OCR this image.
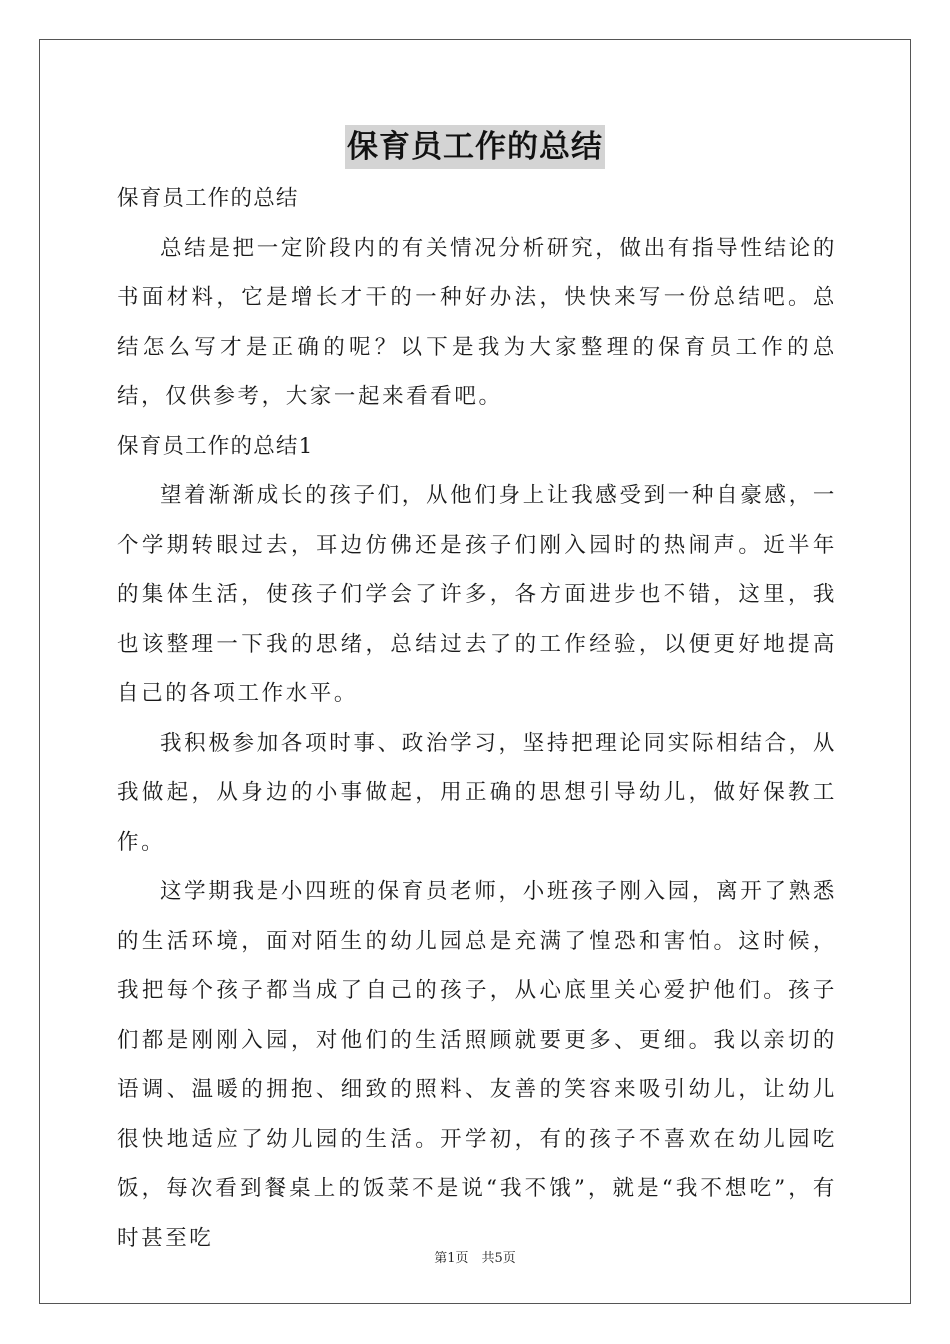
保育员工作的总结

保育员工作的总结

总结是把一定阶段内的有关情况分析研究，做出有指导性结论的书面材料，它是增长才干的一种好办法，快快来写一份总结吧。总结怎么写才是正确的呢？以下是我为大家整理的保育员工作的总结，仅供参考，大家一起来看看吧。

保育员工作的总结1

望着渐渐成长的孩子们，从他们身上让我感受到一种自豪感，一个学期转眼过去，耳边仿佛还是孩子们刚入园时的热闹声。近半年的集体生活，使孩子们学会了许多，各方面进步也不错，这里，我也该整理一下我的思绪，总结过去了的工作经验，以便更好地提高自己的各项工作水平。

我积极参加各项时事、政治学习，坚持把理论同实际相结合，从我做起，从身边的小事做起，用正确的思想引导幼儿，做好保教工作。

这学期我是小四班的保育员老师，小班孩子刚入园，离开了熟悉的生活环境，面对陌生的幼儿园总是充满了惶恐和害怕。这时候，我把每个孩子都当成了自己的孩子，从心底里关心爱护他们。孩子们都是刚刚入园，对他们的生活照顾就要更多、更细。我以亲切的语调、温暖的拥抱、细致的照料、友善的笑容来吸引幼儿，让幼儿很快地适应了幼儿园的生活。开学初，有的孩子不喜欢在幼儿园吃饭，每次看到餐桌上的饭菜不是说“我不饿”，就是“我不想吃”，有时甚至吃

第1页　共5页
